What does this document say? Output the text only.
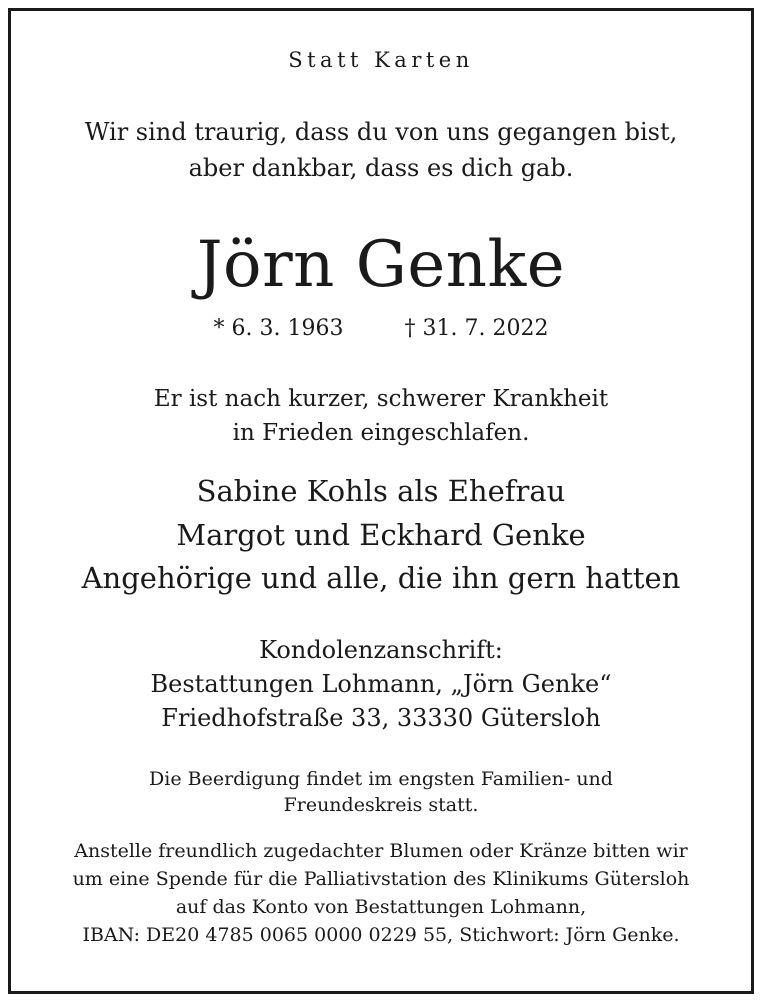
Statt Karten
Wir sind traurig, dass du von uns gegangen bist,
aber dankbar, dass es dich gab.
Jörn Genke
* 6. 3. 1963	† 31. 7. 2022
Er ist nach kurzer, schwerer Krankheit
in Frieden eingeschlafen.
Sabine Kohls als Ehefrau
Margot und Eckhard Genke
Angehörige und alle, die ihn gern hatten
Kondolenzanschrift:
Bestattungen Lohmann, „Jörn Genke“
Friedhofstraße 33, 33330 Gütersloh
Die Beerdigung findet im engsten Familien- und
Freundeskreis statt.
Anstelle freundlich zugedachter Blumen oder Kränze bitten wir
um eine Spende für die Palliativstation des Klinikums Gütersloh
auf das Konto von Bestattungen Lohmann,
IBAN: DE20 4785 0065 0000 0229 55, Stichwort: Jörn Genke.
